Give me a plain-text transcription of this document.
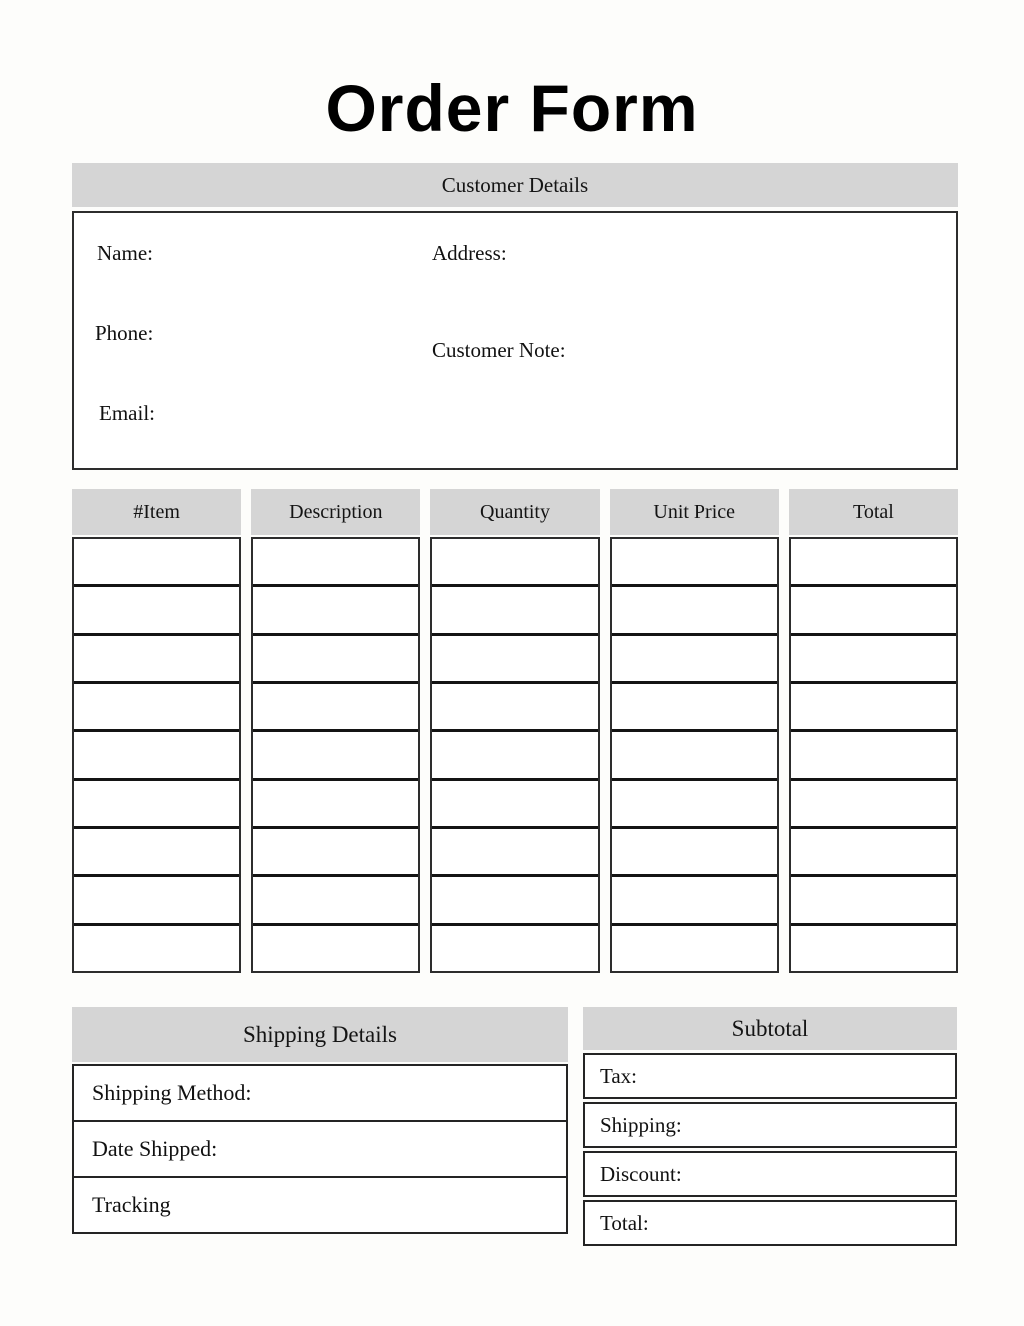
Order Form
Customer Details
Name:
Phone:
Email:
Address:
Customer Note:
#Item	Description	Quantity	Unit Price	Total
Shipping Details
Shipping Method:
Date Shipped:
Tracking
Subtotal
Tax:
Shipping:
Discount:
Total:
